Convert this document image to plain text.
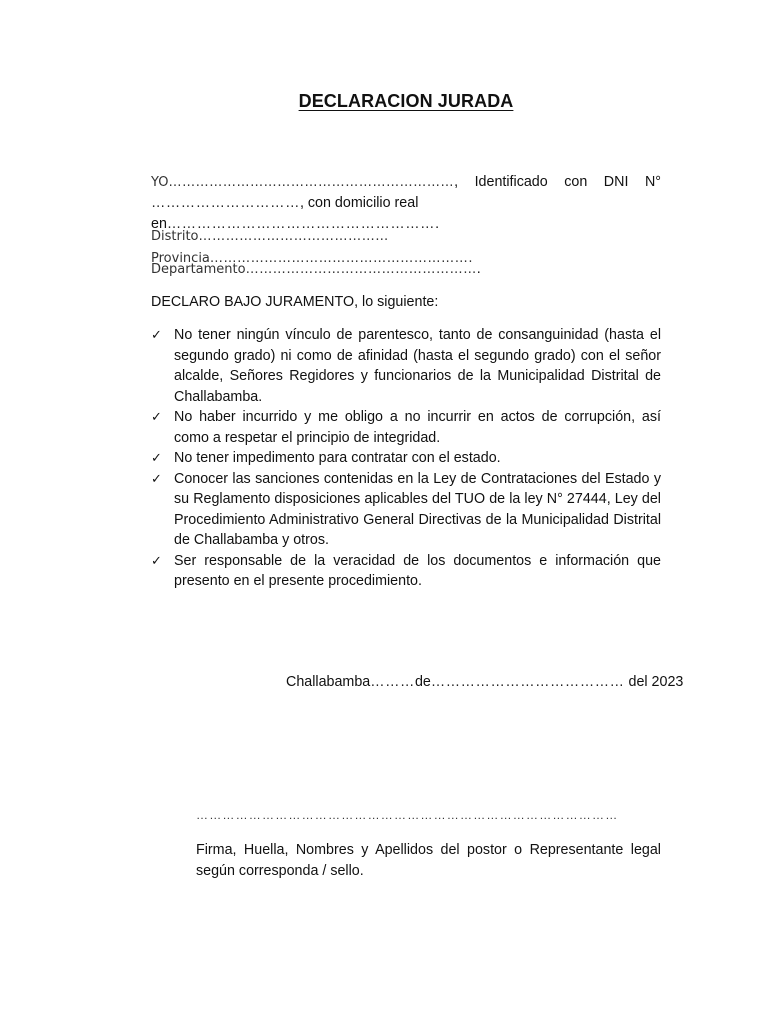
DECLARACION JURADA
YO………………………………………………………, Identificado con DNI N°
…………………………, con domicilio real en……………………………………………….
Distrito……………………………………Provincia………………………………………………….
Departamento…………………………………………….
DECLARO BAJO JURAMENTO, lo siguiente:
✓ No tener ningún vínculo de parentesco, tanto de consanguinidad (hasta el segundo grado) ni como de afinidad (hasta el segundo grado) con el señor alcalde, Señores Regidores y funcionarios de la Municipalidad Distrital de Challabamba.
✓ No haber incurrido y me obligo a no incurrir en actos de corrupción, así como a respetar el principio de integridad.
✓ No tener impedimento para contratar con el estado.
✓ Conocer las sanciones contenidas en la Ley de Contrataciones del Estado y su Reglamento disposiciones aplicables del TUO de la ley N° 27444, Ley del Procedimiento Administrativo General Directivas de la Municipalidad Distrital de Challabamba y otros.
✓ Ser responsable de la veracidad de los documentos e información que presento en el presente procedimiento.
Challabamba………de………………………………… del 2023
……………………………………………………………………………………
Firma, Huella, Nombres y Apellidos del postor o Representante legal según corresponda / sello.
